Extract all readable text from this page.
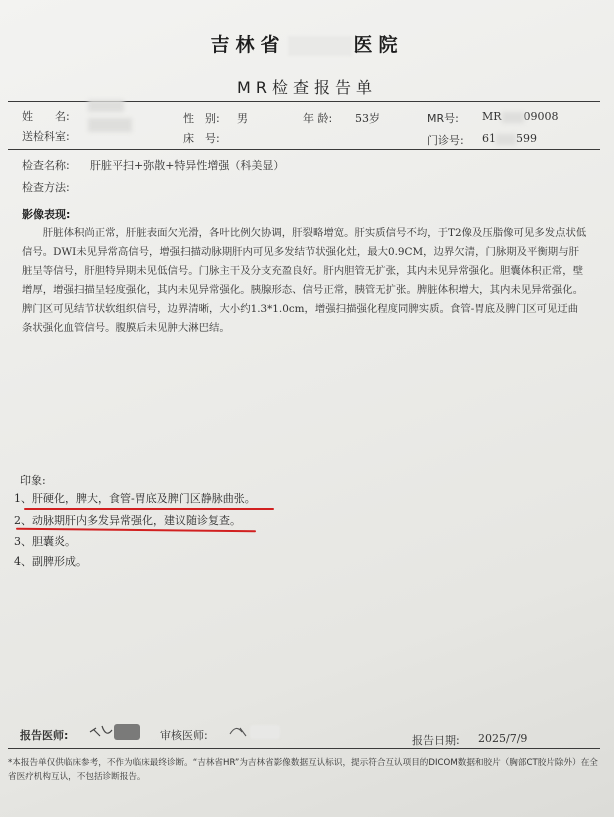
吉林省	医院
MR检查报告单
姓　　名:	性　别: 男	年 龄: 53岁	MR号: MR 09008
送检科室:	床　号:	门诊号: 61 599
检查名称: 肝脏平扫+弥散+特异性增强（科美显）
检查方法:
影像表现:
肝脏体积尚正常，肝脏表面欠光滑，各叶比例欠协调，肝裂略增宽。肝实质信号不均，于T2像及压脂像可见多发点状低信号。DWI未见异常高信号，增强扫描动脉期肝内可见多发结节状强化灶，最大0.9CM，边界欠清，门脉期及平衡期与肝脏呈等信号，肝胆特异期未见低信号。门脉主干及分支充盈良好。肝内胆管无扩张，其内未见异常强化。胆囊体积正常，壁增厚，增强扫描呈轻度强化，其内未见异常强化。胰腺形态、信号正常，胰管无扩张。脾脏体积增大，其内未见异常强化。脾门区可见结节状软组织信号，边界清晰，大小约1.3*1.0cm，增强扫描强化程度同脾实质。食管-胃底及脾门区可见迂曲条状强化血管信号。腹膜后未见肿大淋巴结。
印象:
1、肝硬化，脾大，食管-胃底及脾门区静脉曲张。
2、动脉期肝内多发异常强化，建议随诊复查。
3、胆囊炎。
4、副脾形成。
报告医师:	审核医师:	报告日期: 2025/7/9
*本报告单仅供临床参考，不作为临床最终诊断。“吉林省HR”为吉林省影像数据互认标识，提示符合互认项目的DICOM数据和胶片（胸部CT胶片除外）在全省医疗机构互认，不包括诊断报告。
